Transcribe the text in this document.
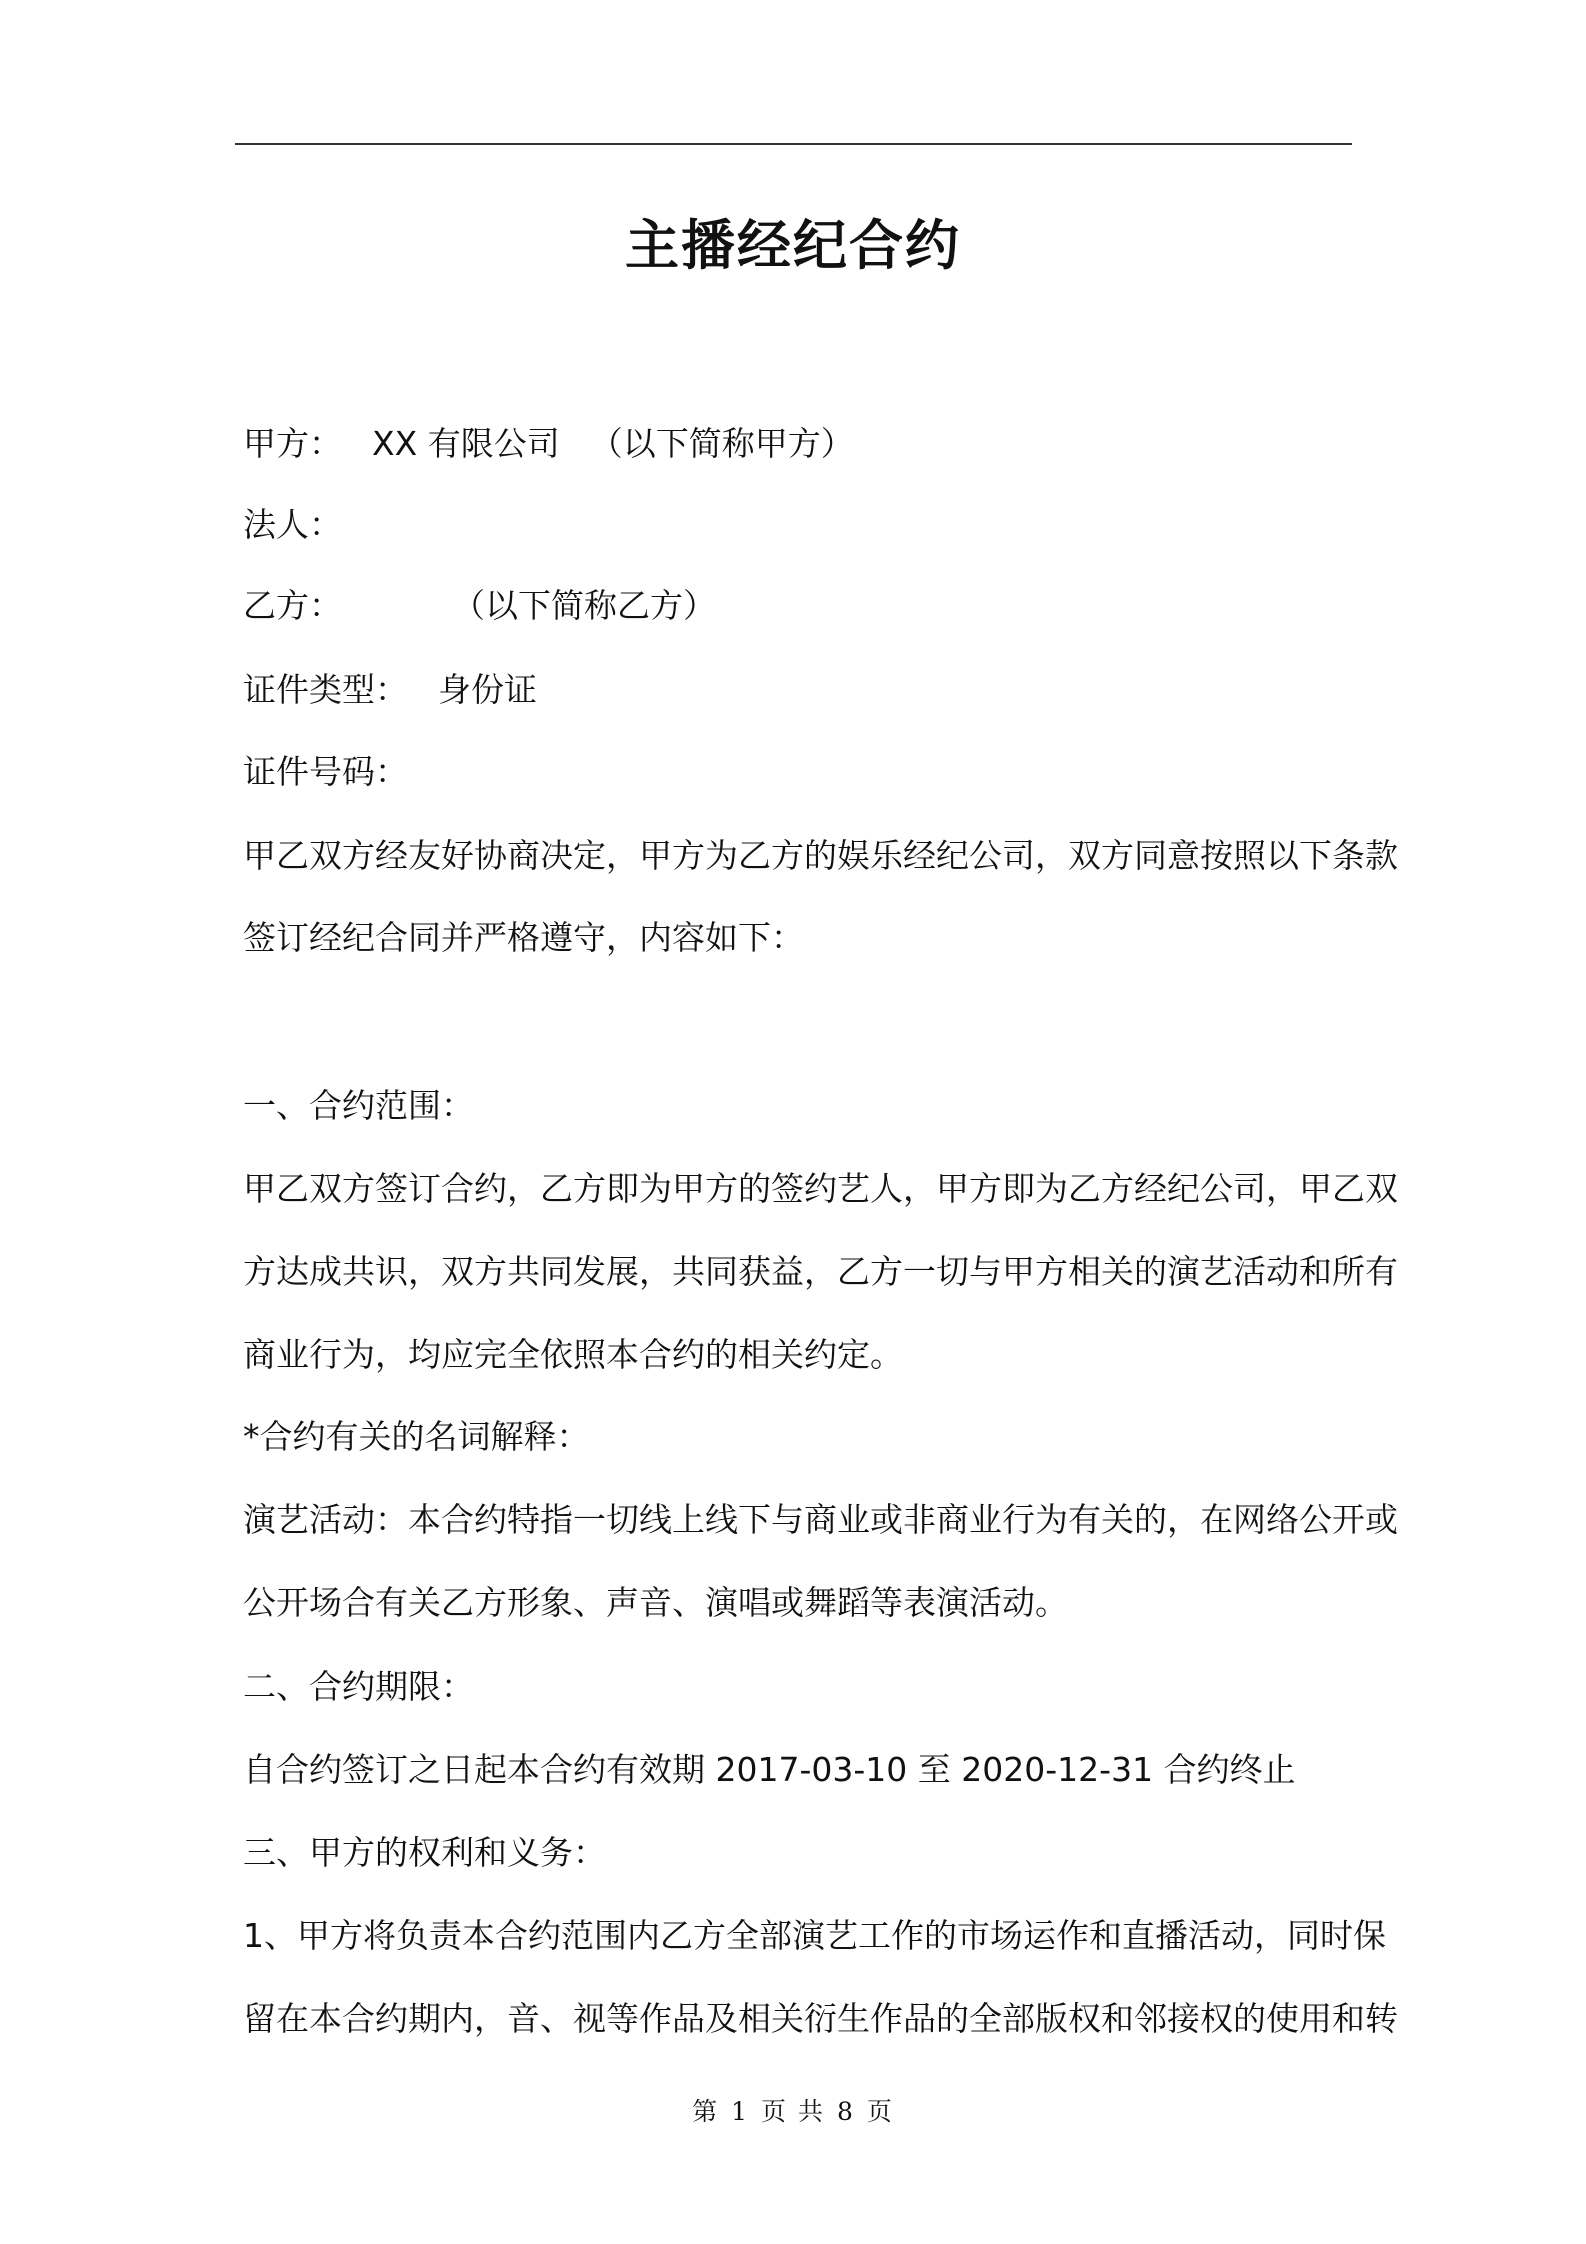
主播经纪合约
甲方： XX 有限公司 （以下简称甲方）
法人：
乙方：	（以下简称乙方）
证件类型： 身份证
证件号码：
甲乙双方经友好协商决定，甲方为乙方的娱乐经纪公司，双方同意按照以下条款
签订经纪合同并严格遵守，内容如下：
一、合约范围：
甲乙双方签订合约，乙方即为甲方的签约艺人，甲方即为乙方经纪公司，甲乙双
方达成共识，双方共同发展，共同获益，乙方一切与甲方相关的演艺活动和所有
商业行为，均应完全依照本合约的相关约定。
*合约有关的名词解释：
演艺活动：本合约特指一切线上线下与商业或非商业行为有关的，在网络公开或
公开场合有关乙方形象、声音、演唱或舞蹈等表演活动。
二、合约期限：
自合约签订之日起本合约有效期 2017-03-10 至 2020-12-31 合约终止
三、甲方的权利和义务：
1、甲方将负责本合约范围内乙方全部演艺工作的市场运作和直播活动，同时保
留在本合约期内，音、视等作品及相关衍生作品的全部版权和邻接权的使用和转
第 1 页 共 8 页
